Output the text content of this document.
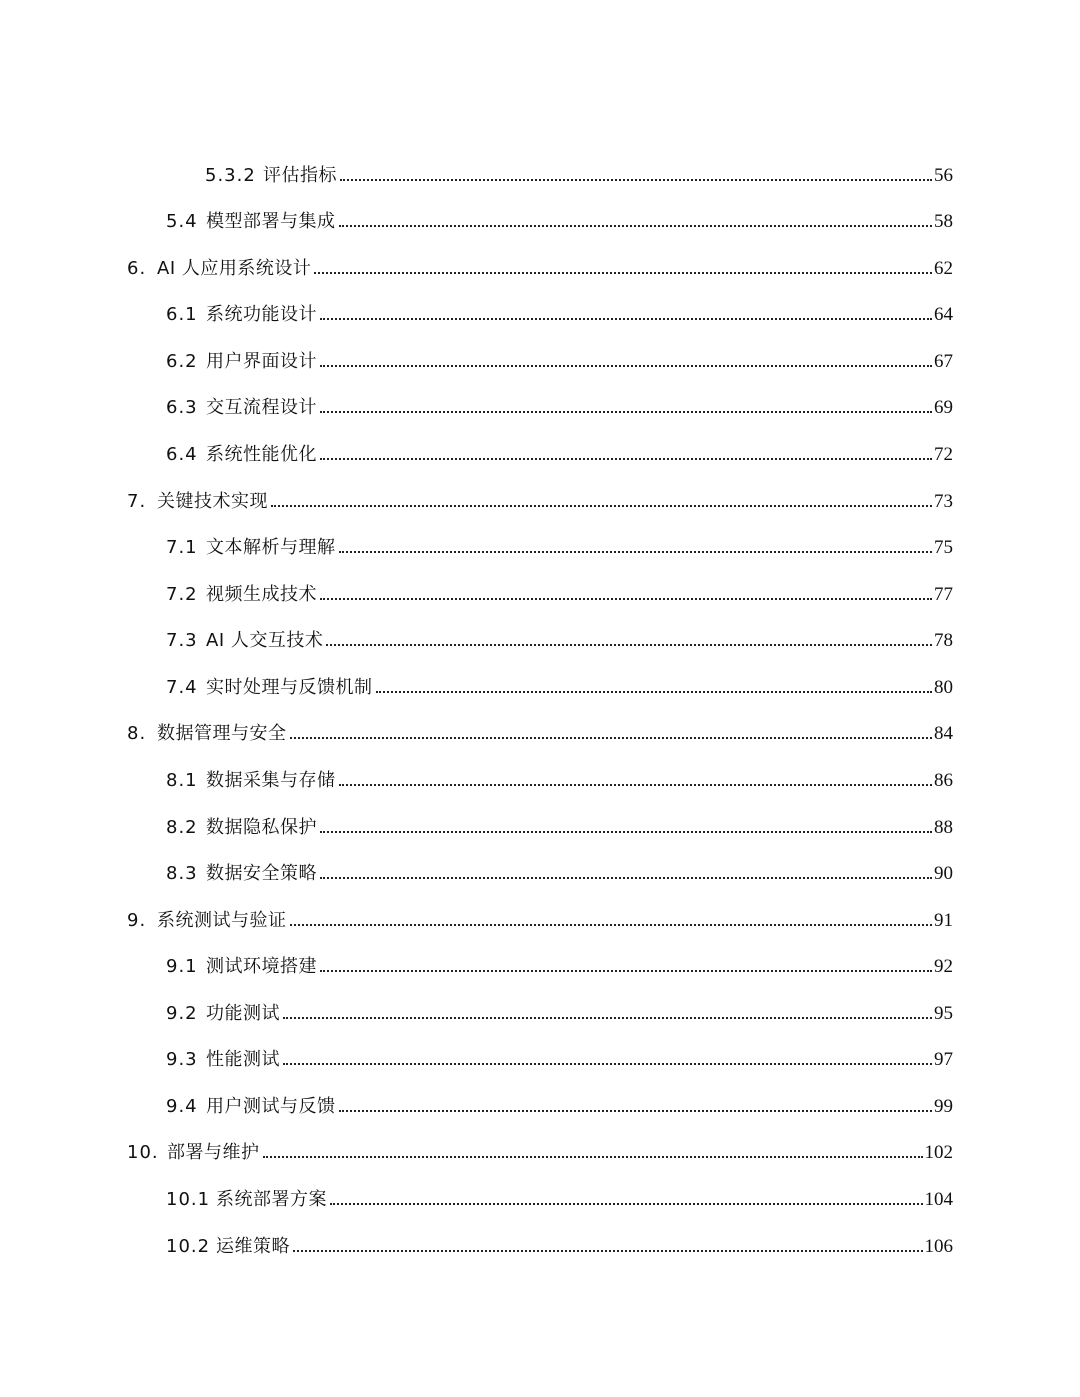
5.3.2 评估指标	56
5.4 模型部署与集成	58
6. AI 人应用系统设计	62
6.1 系统功能设计	64
6.2 用户界面设计	67
6.3 交互流程设计	69
6.4 系统性能优化	72
7. 关键技术实现	73
7.1 文本解析与理解	75
7.2 视频生成技术	77
7.3 AI 人交互技术	78
7.4 实时处理与反馈机制	80
8. 数据管理与安全	84
8.1 数据采集与存储	86
8.2 数据隐私保护	88
8.3 数据安全策略	90
9. 系统测试与验证	91
9.1 测试环境搭建	92
9.2 功能测试	95
9.3 性能测试	97
9.4 用户测试与反馈	99
10. 部署与维护	102
10.1 系统部署方案	104
10.2 运维策略	106
